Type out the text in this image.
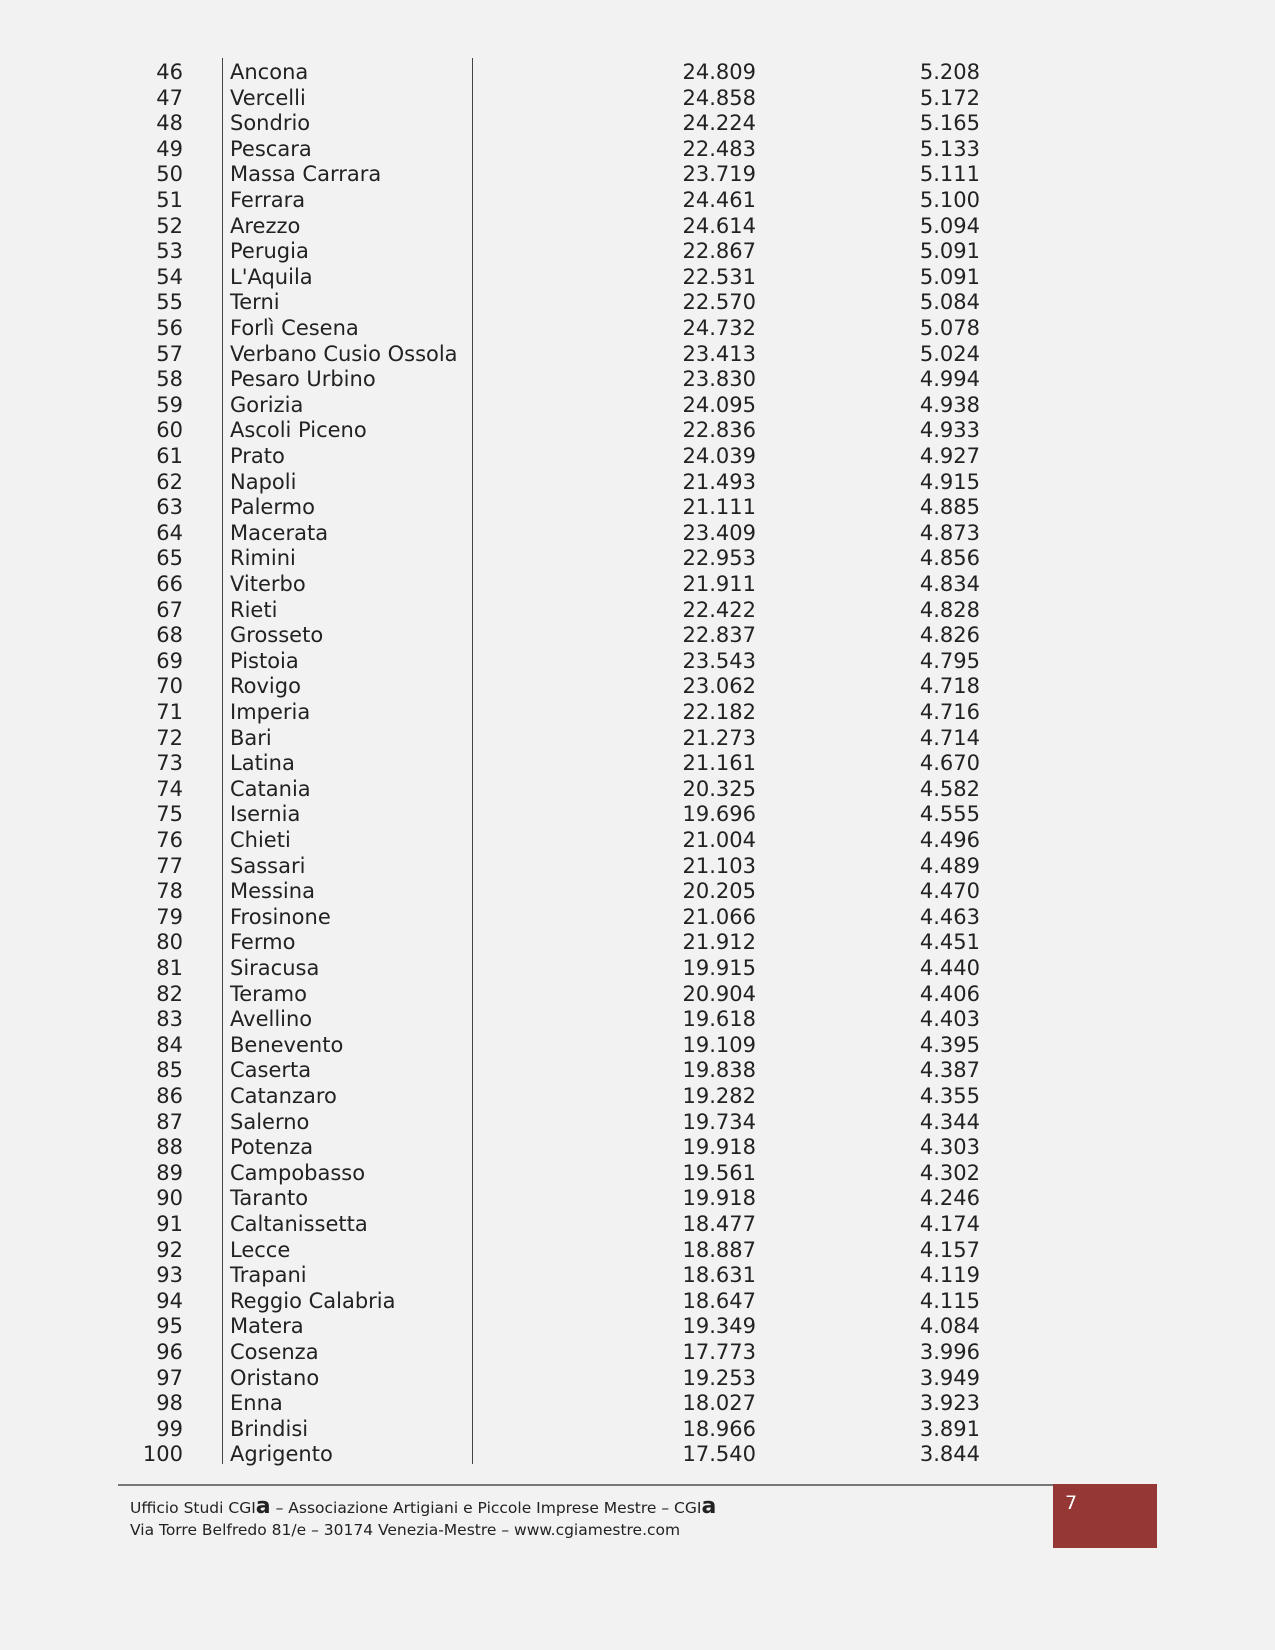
46 Ancona	24.809	5.208
47 Vercelli	24.858	5.172
48 Sondrio	24.224	5.165
49 Pescara	22.483	5.133
50 Massa Carrara	23.719	5.111
51 Ferrara	24.461	5.100
52 Arezzo	24.614	5.094
53 Perugia	22.867	5.091
54 L'Aquila	22.531	5.091
55 Terni	22.570	5.084
56 Forlì Cesena	24.732	5.078
57 Verbano Cusio Ossola	23.413	5.024
58 Pesaro Urbino	23.830	4.994
59 Gorizia	24.095	4.938
60 Ascoli Piceno	22.836	4.933
61 Prato	24.039	4.927
62 Napoli	21.493	4.915
63 Palermo	21.111	4.885
64 Macerata	23.409	4.873
65 Rimini	22.953	4.856
66 Viterbo	21.911	4.834
67 Rieti	22.422	4.828
68 Grosseto	22.837	4.826
69 Pistoia	23.543	4.795
70 Rovigo	23.062	4.718
71 Imperia	22.182	4.716
72 Bari	21.273	4.714
73 Latina	21.161	4.670
74 Catania	20.325	4.582
75 Isernia	19.696	4.555
76 Chieti	21.004	4.496
77 Sassari	21.103	4.489
78 Messina	20.205	4.470
79 Frosinone	21.066	4.463
80 Fermo	21.912	4.451
81 Siracusa	19.915	4.440
82 Teramo	20.904	4.406
83 Avellino	19.618	4.403
84 Benevento	19.109	4.395
85 Caserta	19.838	4.387
86 Catanzaro	19.282	4.355
87 Salerno	19.734	4.344
88 Potenza	19.918	4.303
89 Campobasso	19.561	4.302
90 Taranto	19.918	4.246
91 Caltanissetta	18.477	4.174
92 Lecce	18.887	4.157
93 Trapani	18.631	4.119
94 Reggio Calabria	18.647	4.115
95 Matera	19.349	4.084
96 Cosenza	17.773	3.996
97 Oristano	19.253	3.949
98 Enna	18.027	3.923
99 Brindisi	18.966	3.891
100 Agrigento	17.540	3.844
Ufficio Studi CGIa – Associazione Artigiani e Piccole Imprese Mestre – CGIa
Via Torre Belfredo 81/e – 30174 Venezia-Mestre – www.cgiamestre.com
7
